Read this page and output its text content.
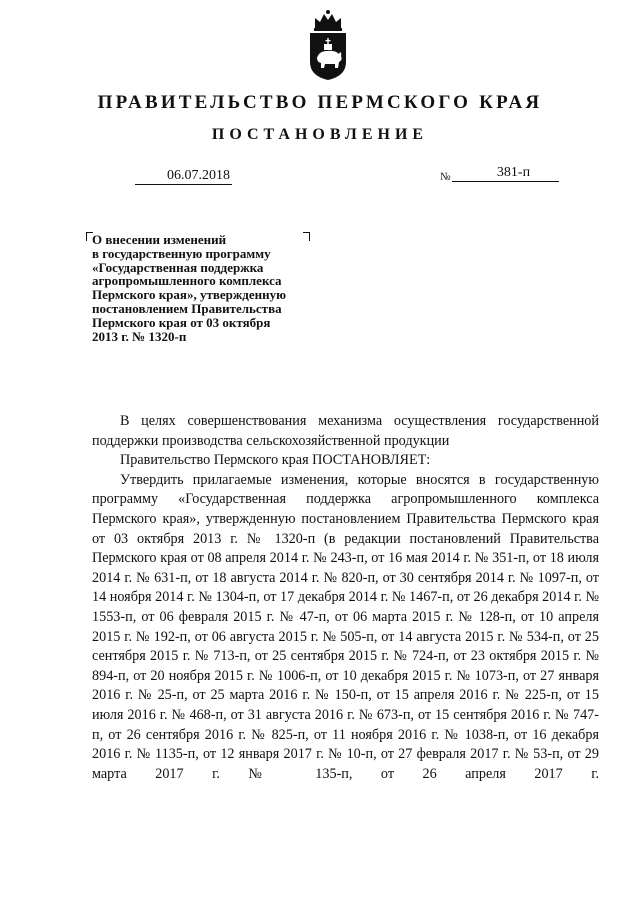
ПРАВИТЕЛЬСТВО ПЕРМСКОГО КРАЯ
ПОСТАНОВЛЕНИЕ
06.07.2018	№	381-п
О внесении изменений
в государственную программу
«Государственная поддержка
агропромышленного комплекса
Пермского края», утвержденную
постановлением Правительства
Пермского края от 03 октября
2013 г. № 1320-п

В целях совершенствования механизма осуществления государственной поддержки производства сельскохозяйственной продукции

Правительство Пермского края ПОСТАНОВЛЯЕТ:

Утвердить прилагаемые изменения, которые вносятся в государственную программу «Государственная поддержка агропромышленного комплекса Пермского края», утвержденную постановлением Правительства Пермского края от 03 октября 2013 г. № 1320-п (в редакции постановлений Правительства Пермского края от 08 апреля 2014 г. № 243-п, от 16 мая 2014 г. № 351-п, от 18 июля 2014 г. № 631-п, от 18 августа 2014 г. № 820-п, от 30 сентября 2014 г. № 1097-п, от 14 ноября 2014 г. № 1304-п, от 17 декабря 2014 г. № 1467-п, от 26 декабря 2014 г. № 1553-п, от 06 февраля 2015 г. № 47-п, от 06 марта 2015 г. № 128-п, от 10 апреля 2015 г. № 192-п, от 06 августа 2015 г. № 505-п, от 14 августа 2015 г. № 534-п, от 25 сентября 2015 г. № 713-п, от 25 сентября 2015 г. № 724-п, от 23 октября 2015 г. № 894-п, от 20 ноября 2015 г. № 1006-п, от 10 декабря 2015 г. № 1073-п, от 27 января 2016 г. № 25-п, от 25 марта 2016 г. № 150-п, от 15 апреля 2016 г. № 225-п, от 15 июля 2016 г. № 468-п, от 31 августа 2016 г. № 673-п, от 15 сентября 2016 г. № 747-п, от 26 сентября 2016 г. № 825-п, от 11 ноября 2016 г. № 1038-п, от 16 декабря 2016 г. № 1135-п, от 12 января 2017 г. № 10-п, от 27 февраля 2017 г. № 53-п, от 29 марта 2017 г. № 135-п, от 26 апреля 2017 г.
